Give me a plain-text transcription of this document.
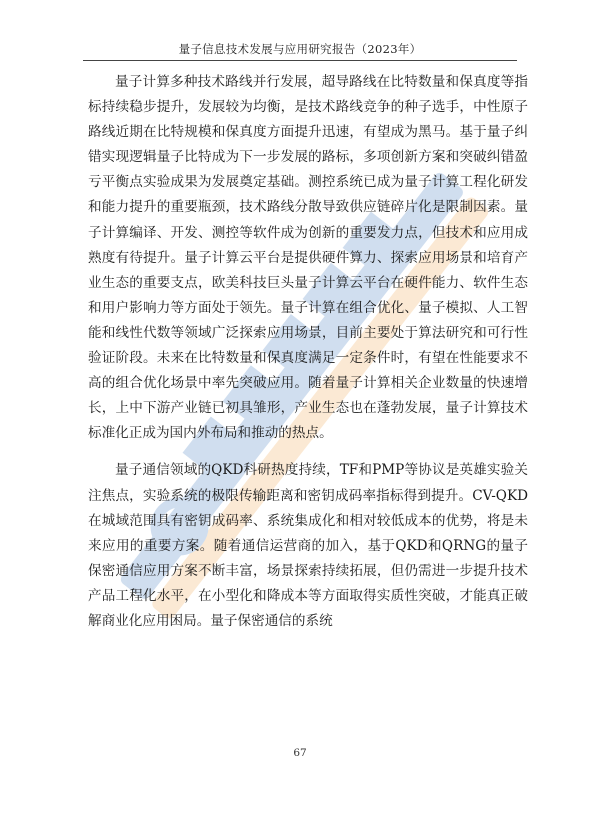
量子信息技术发展与应用研究报告（2023年）

量子计算多种技术路线并行发展，超导路线在比特数量和保真度等指标持续稳步提升，发展较为均衡，是技术路线竞争的种子选手，中性原子路线近期在比特规模和保真度方面提升迅速，有望成为黑马。基于量子纠错实现逻辑量子比特成为下一步发展的路标，多项创新方案和突破纠错盈亏平衡点实验成果为发展奠定基础。测控系统已成为量子计算工程化研发和能力提升的重要瓶颈，技术路线分散导致供应链碎片化是限制因素。量子计算编译、开发、测控等软件成为创新的重要发力点，但技术和应用成熟度有待提升。量子计算云平台是提供硬件算力、探索应用场景和培育产业生态的重要支点，欧美科技巨头量子计算云平台在硬件能力、软件生态和用户影响力等方面处于领先。量子计算在组合优化、量子模拟、人工智能和线性代数等领域广泛探索应用场景，目前主要处于算法研究和可行性验证阶段。未来在比特数量和保真度满足一定条件时，有望在性能要求不高的组合优化场景中率先突破应用。随着量子计算相关企业数量的快速增长，上中下游产业链已初具雏形，产业生态也在蓬勃发展，量子计算技术标准化正成为国内外布局和推动的热点。

量子通信领域的QKD科研热度持续，TF和PMP等协议是英雄实验关注焦点，实验系统的极限传输距离和密钥成码率指标得到提升。CV-QKD在城域范围具有密钥成码率、系统集成化和相对较低成本的优势，将是未来应用的重要方案。随着通信运营商的加入，基于QKD和QRNG的量子保密通信应用方案不断丰富，场景探索持续拓展，但仍需进一步提升技术产品工程化水平，在小型化和降成本等方面取得实质性突破，才能真正破解商业化应用困局。量子保密通信的系统

67
